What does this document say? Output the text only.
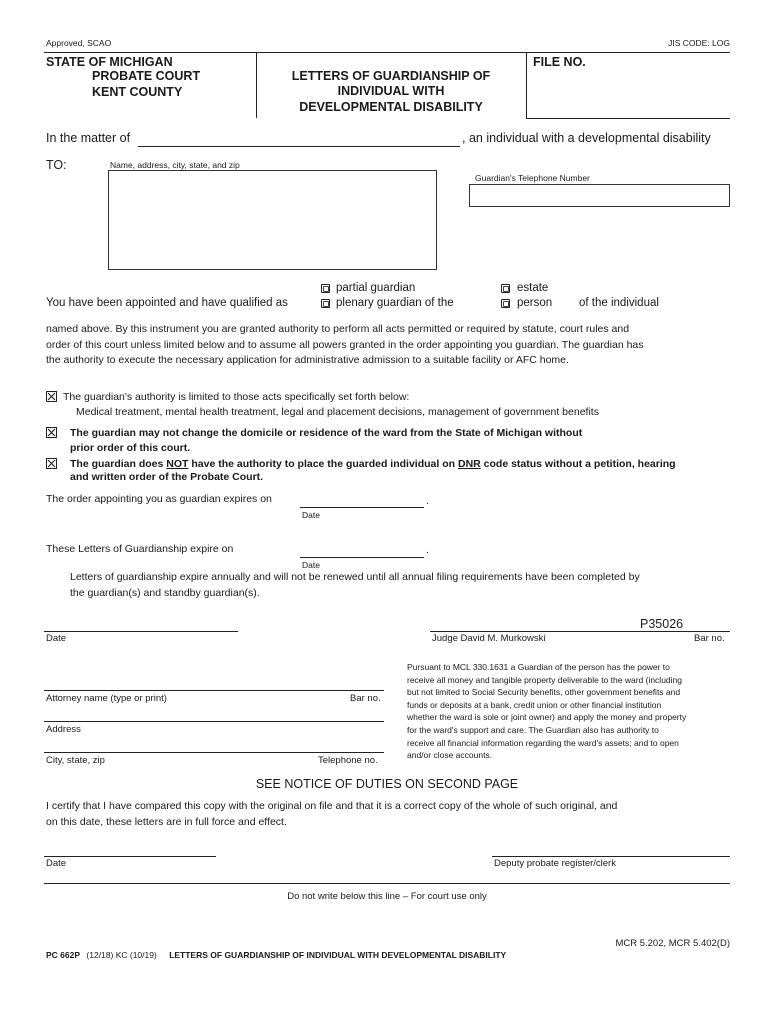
Approved, SCAO	JIS CODE: LOG
STATE OF MICHIGAN
PROBATE COURT
KENT COUNTY
LETTERS OF GUARDIANSHIP OF
INDIVIDUAL WITH
DEVELOPMENTAL DISABILITY
FILE NO.
In the matter of	, an individual with a developmental disability
TO:	Name, address, city, state, and zip
Guardian's Telephone Number
partial guardian
You have been appointed and have qualified as	plenary guardian of the
estate
person of the individual
named above. By this instrument you are granted authority to perform all acts permitted or required by statute, court rules and
order of this court unless limited below and to assume all powers granted in the order appointing you guardian. The guardian has
the authority to execute the necessary application for administrative admission to a suitable facility or AFC home.
The guardian's authority is limited to those acts specifically set forth below:
Medical treatment, mental health treatment, legal and placement decisions, management of government benefits
The guardian may not change the domicile or residence of the ward from the State of Michigan without
prior order of this court.
The guardian does NOT have the authority to place the guarded individual on DNR code status without a petition, hearing
and written order of the Probate Court.
The order appointing you as guardian expires on	.
Date
These Letters of Guardianship expire on	.
Date
Letters of guardianship expire annually and will not be renewed until all annual filing requirements have been completed by
the guardian(s) and standby guardian(s).
P35026
Date	Judge David M. Murkowski	Bar no.
Attorney name (type or print)	Bar no.
Address
City, state, zip	Telephone no.
Pursuant to MCL 330.1631 a Guardian of the person has the power to
receive all money and tangible property deliverable to the ward (including
but not limited to Social Security benefits, other government benefits and
funds or deposits at a bank, credit union or other financial institution
whether the ward is sole or joint owner) and apply the money and property
for the ward's support and care. The Guardian also has authority to
receive all financial information regarding the ward's assets; and to open
and/or close accounts.
SEE NOTICE OF DUTIES ON SECOND PAGE
I certify that I have compared this copy with the original on file and that it is a correct copy of the whole of such original, and
on this date, these letters are in full force and effect.
Date	Deputy probate register/clerk
Do not write below this line – For court use only
MCR 5.202, MCR 5.402(D)
PC 662P (12/18) KC (10/19) LETTERS OF GUARDIANSHIP OF INDIVIDUAL WITH DEVELOPMENTAL DISABILITY
